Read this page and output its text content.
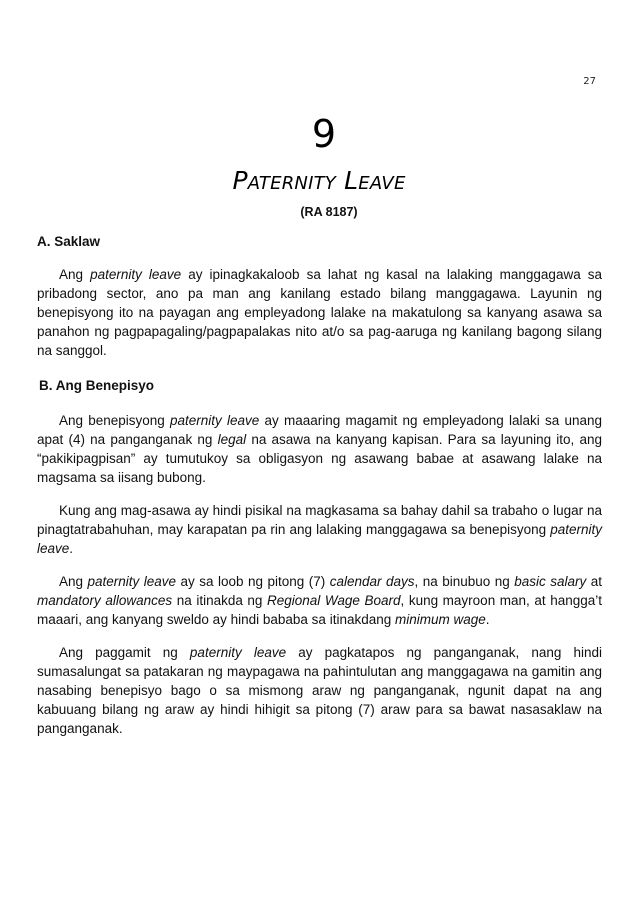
27
9
Paternity Leave
(RA 8187)

A. Saklaw

Ang paternity leave ay ipinagkakaloob sa lahat ng kasal na lalaking manggagawa sa pribadong sector, ano pa man ang kanilang estado bilang manggagawa. Layunin ng benepisyong ito na payagan ang empleyadong lalake na makatulong sa kanyang asawa sa panahon ng pagpapagaling/pagpapalakas nito at/o sa pag-aaruga ng kanilang bagong silang na sanggol.

B. Ang Benepisyo

Ang benepisyong paternity leave ay maaaring magamit ng empleyadong lalaki sa unang apat (4) na panganganak ng legal na asawa na kanyang kapisan. Para sa layuning ito, ang “pakikipagpisan” ay tumutukoy sa obligasyon ng asawang babae at asawang lalake na magsama sa iisang bubong.

Kung ang mag-asawa ay hindi pisikal na magkasama sa bahay dahil sa trabaho o lugar na pinagtatrabahuhan, may karapatan pa rin ang lalaking manggagawa sa benepisyong paternity leave.

Ang paternity leave ay sa loob ng pitong (7) calendar days, na binubuo ng basic salary at mandatory allowances na itinakda ng Regional Wage Board, kung mayroon man, at hangga’t maaari, ang kanyang sweldo ay hindi bababa sa itinakdang minimum wage.

Ang paggamit ng paternity leave ay pagkatapos ng panganganak, nang hindi sumasalungat sa patakaran ng maypagawa na pahintulutan ang manggagawa na gamitin ang nasabing benepisyo bago o sa mismong araw ng panganganak, ngunit dapat na ang kabuuang bilang ng araw ay hindi hihigit sa pitong (7) araw para sa bawat nasasaklaw na panganganak.
